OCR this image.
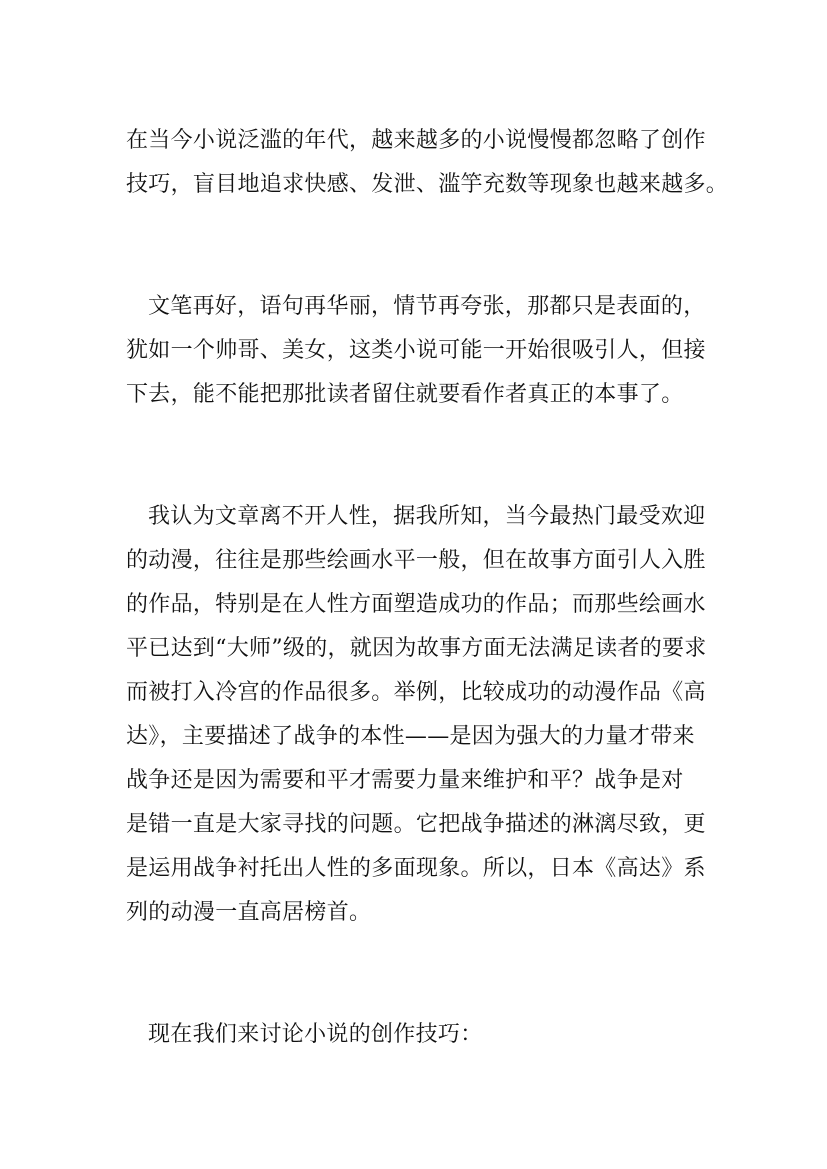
在当今小说泛滥的年代，越来越多的小说慢慢都忽略了创作
技巧，盲目地追求快感、发泄、滥竽充数等现象也越来越多。
文笔再好，语句再华丽，情节再夸张，那都只是表面的，
犹如一个帅哥、美女，这类小说可能一开始很吸引人，但接
下去，能不能把那批读者留住就要看作者真正的本事了。
我认为文章离不开人性，据我所知，当今最热门最受欢迎
的动漫，往往是那些绘画水平一般，但在故事方面引人入胜
的作品，特别是在人性方面塑造成功的作品；而那些绘画水
平已达到“大师”级的，就因为故事方面无法满足读者的要求
而被打入冷宫的作品很多。举例，比较成功的动漫作品《高
达》，主要描述了战争的本性——是因为强大的力量才带来
战争还是因为需要和平才需要力量来维护和平？战争是对
是错一直是大家寻找的问题。它把战争描述的淋漓尽致，更
是运用战争衬托出人性的多面现象。所以，日本《高达》系
列的动漫一直高居榜首。
现在我们来讨论小说的创作技巧：
